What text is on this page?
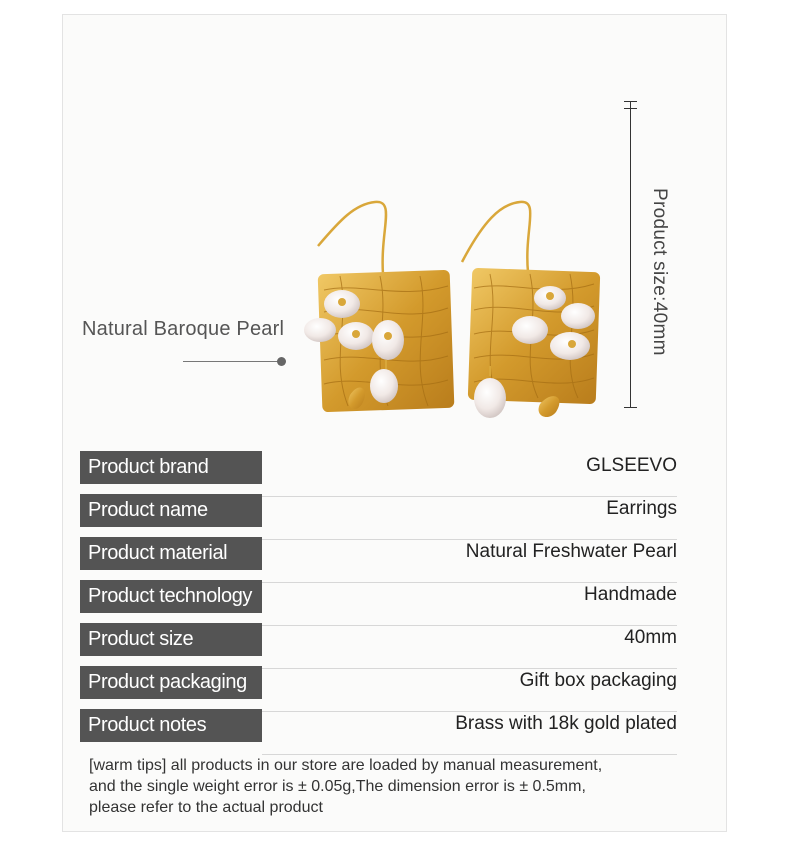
Natural Baroque Pearl	Product size:40mm
Product brand	GLSEEVO
Product name	Earrings
Product material	Natural Freshwater Pearl
Product technology	Handmade
Product size	40mm
Product packaging	Gift box packaging
Product notes	Brass with 18k gold plated
[warm tips] all products in our store are loaded by manual measurement,
and the single weight error is ± 0.05g,The dimension error is ± 0.5mm,
please refer to the actual product
